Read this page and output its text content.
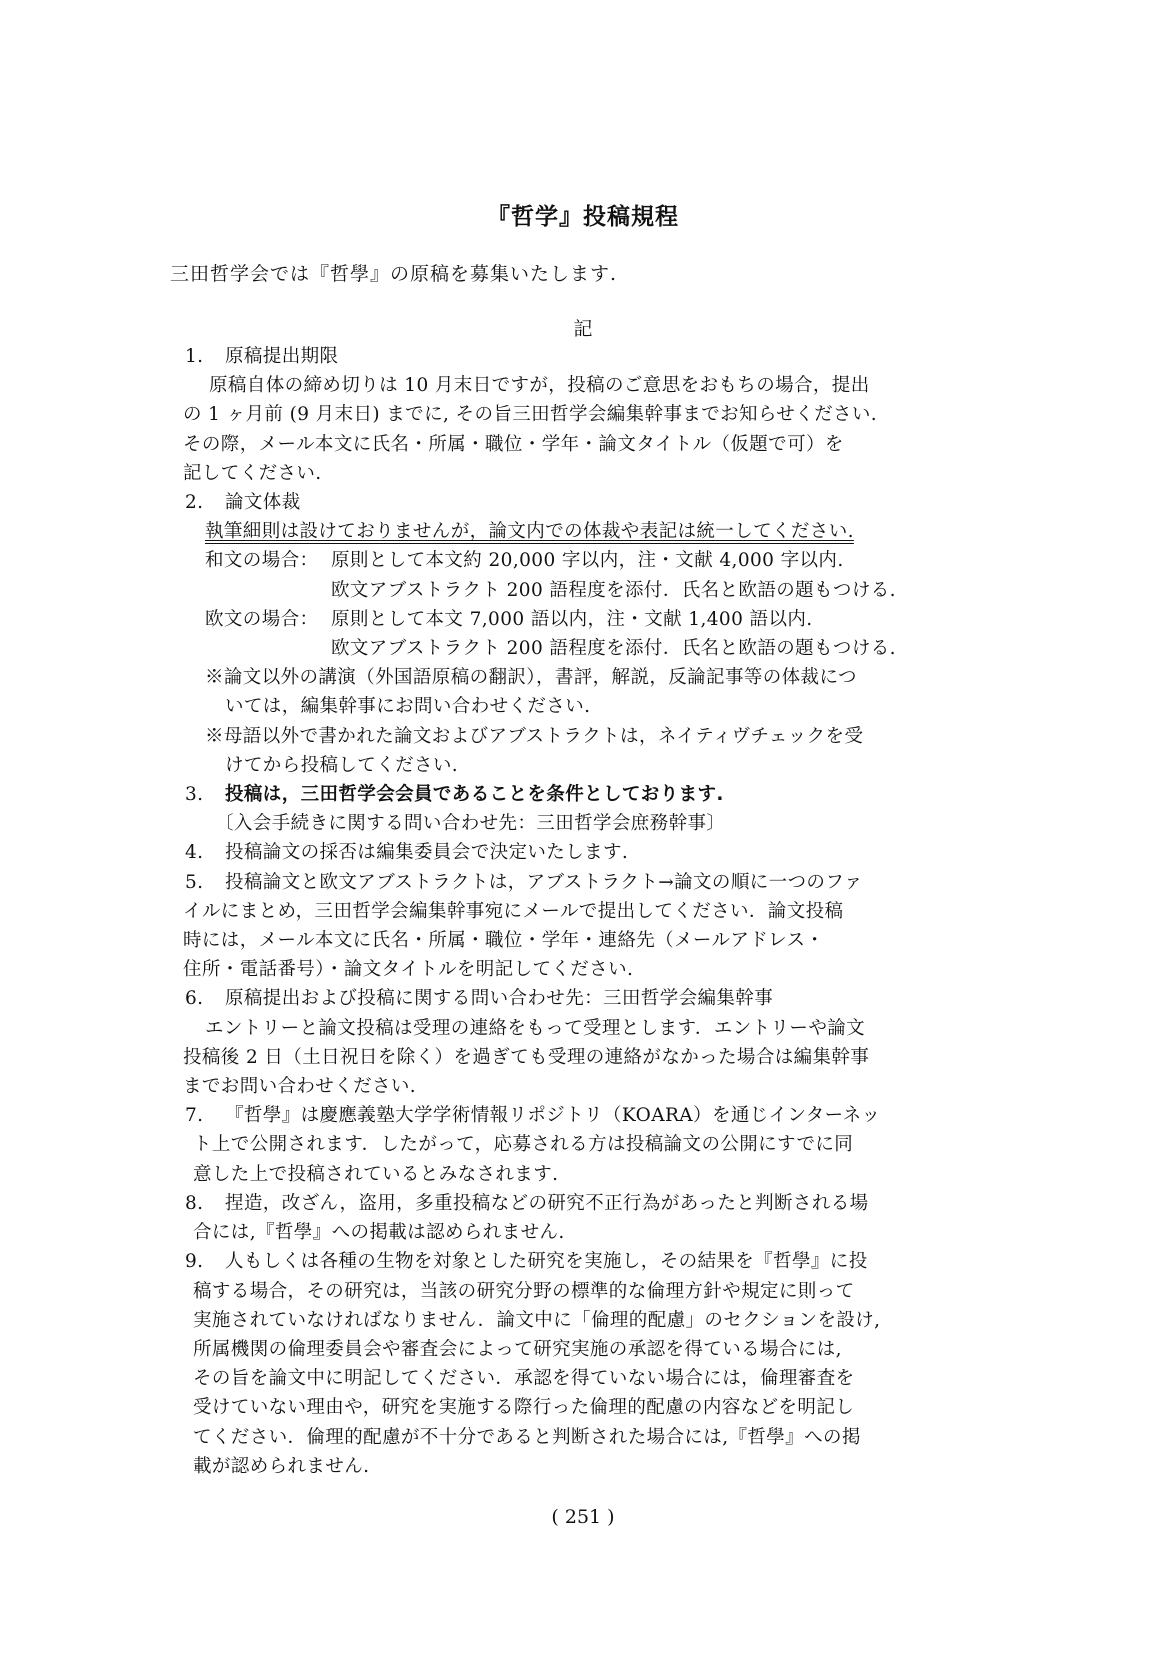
『哲学』投稿規程
三田哲学会では『哲學』の原稿を募集いたします.
記
1. 原稿提出期限
原稿自体の締め切りは 10 月末日ですが，投稿のご意思をおもちの場合，提出
の 1 ヶ月前 (9 月末日) までに, その旨三田哲学会編集幹事までお知らせください.
その際，メール本文に氏名・所属・職位・学年・論文タイトル（仮題で可）を
記してください.
2. 論文体裁
執筆細則は設けておりませんが，論文内での体裁や表記は統一してください.
和文の場合： 原則として本文約 20,000 字以内，注・文献 4,000 字以内.
欧文アブストラクト 200 語程度を添付．氏名と欧語の題もつける.
欧文の場合： 原則として本文 7,000 語以内，注・文献 1,400 語以内.
欧文アブストラクト 200 語程度を添付．氏名と欧語の題もつける.
※論文以外の講演（外国語原稿の翻訳），書評，解説，反論記事等の体裁につ
いては，編集幹事にお問い合わせください.
※母語以外で書かれた論文およびアブストラクトは，ネイティヴチェックを受
けてから投稿してください.
3. 投稿は，三田哲学会会員であることを条件としております.
〔入会手続きに関する問い合わせ先：三田哲学会庶務幹事〕
4. 投稿論文の採否は編集委員会で決定いたします.
5. 投稿論文と欧文アブストラクトは，アブストラクト→論文の順に一つのファ
イルにまとめ，三田哲学会編集幹事宛にメールで提出してください．論文投稿
時には，メール本文に氏名・所属・職位・学年・連絡先（メールアドレス・
住所・電話番号）・論文タイトルを明記してください.
6. 原稿提出および投稿に関する問い合わせ先：三田哲学会編集幹事
エントリーと論文投稿は受理の連絡をもって受理とします．エントリーや論文
投稿後 2 日（土日祝日を除く）を過ぎても受理の連絡がなかった場合は編集幹事
までお問い合わせください.
7. 『哲學』は慶應義塾大学学術情報リポジトリ（KOARA）を通じインターネッ
ト上で公開されます．したがって，応募される方は投稿論文の公開にすでに同
意した上で投稿されているとみなされます.
8. 捏造，改ざん，盗用，多重投稿などの研究不正行為があったと判断される場
合には,『哲學』への掲載は認められません.
9. 人もしくは各種の生物を対象とした研究を実施し，その結果を『哲學』に投
稿する場合，その研究は，当該の研究分野の標準的な倫理方針や規定に則って
実施されていなければなりません．論文中に「倫理的配慮」のセクションを設け,
所属機関の倫理委員会や審査会によって研究実施の承認を得ている場合には,
その旨を論文中に明記してください．承認を得ていない場合には，倫理審査を
受けていない理由や，研究を実施する際行った倫理的配慮の内容などを明記し
てください．倫理的配慮が不十分であると判断された場合には,『哲學』への掲
載が認められません.
( 251 )
